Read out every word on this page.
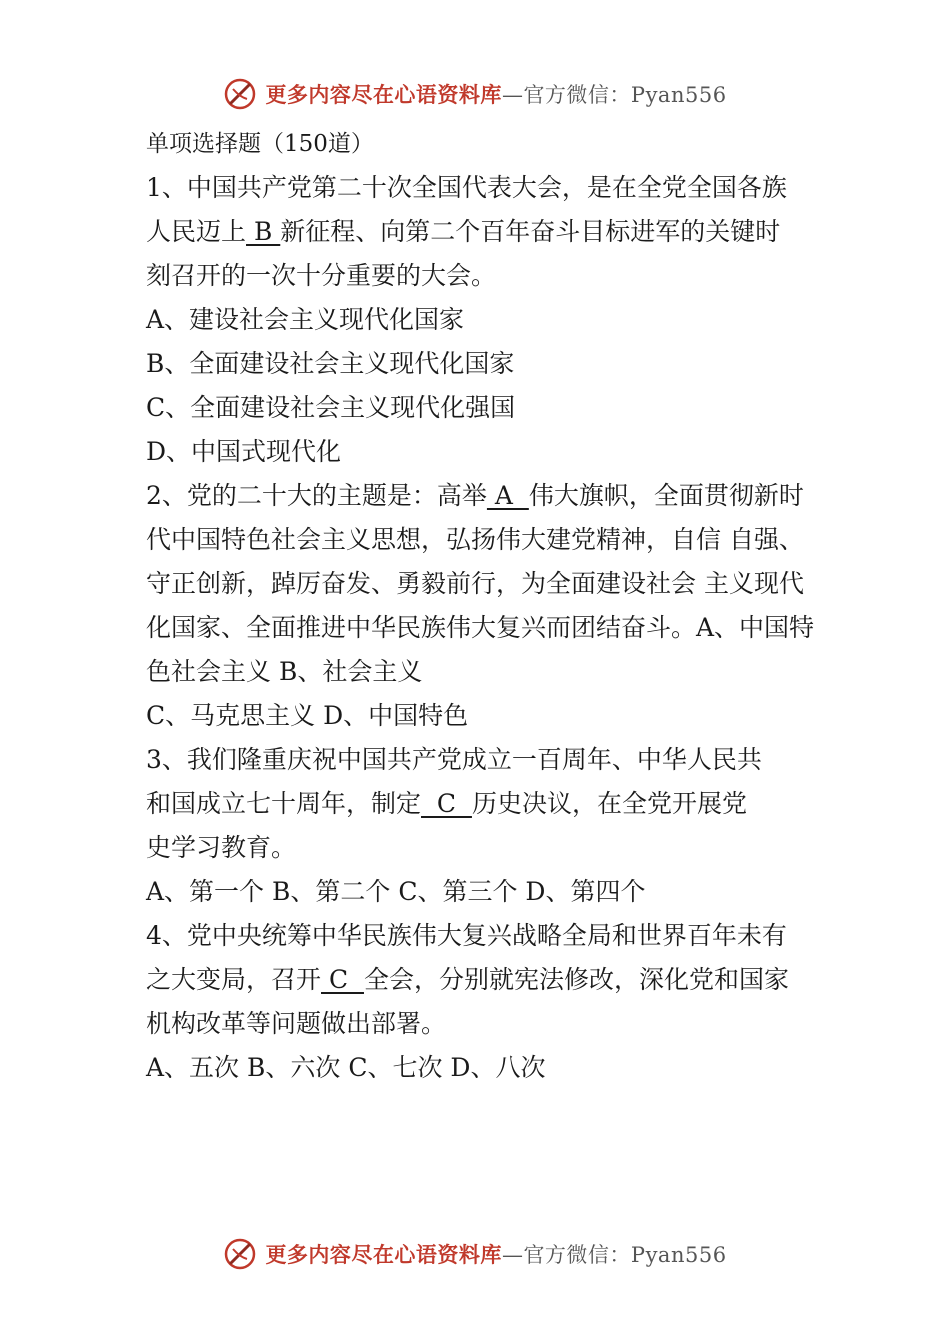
更多内容尽在心语资料库—官方微信：Pyan556

单项选择题（150道）

1、中国共产党第二十次全国代表大会，是在全党全国各族

人民迈上 B 新征程、向第二个百年奋斗目标进军的关键时

刻召开的一次十分重要的大会。

A、建设社会主义现代化国家

B、全面建设社会主义现代化国家

C、全面建设社会主义现代化强国

D、中国式现代化

2、党的二十大的主题是：高举 A  伟大旗帜，全面贯彻新时

代中国特色社会主义思想，弘扬伟大建党精神，自信 自强、

守正创新，踔厉奋发、勇毅前行，为全面建设社会 主义现代

化国家、全面推进中华民族伟大复兴而团结奋斗。A、中国特

色社会主义 B、社会主义

C、马克思主义 D、中国特色

3、我们隆重庆祝中国共产党成立一百周年、中华人民共

和国成立七十周年，制定  C  历史决议，在全党开展党

史学习教育。

A、第一个 B、第二个 C、第三个 D、第四个

4、党中央统筹中华民族伟大复兴战略全局和世界百年未有

之大变局，召开 C  全会，分别就宪法修改，深化党和国家

机构改革等问题做出部署。

A、五次 B、六次 C、七次 D、八次

更多内容尽在心语资料库—官方微信：Pyan556
